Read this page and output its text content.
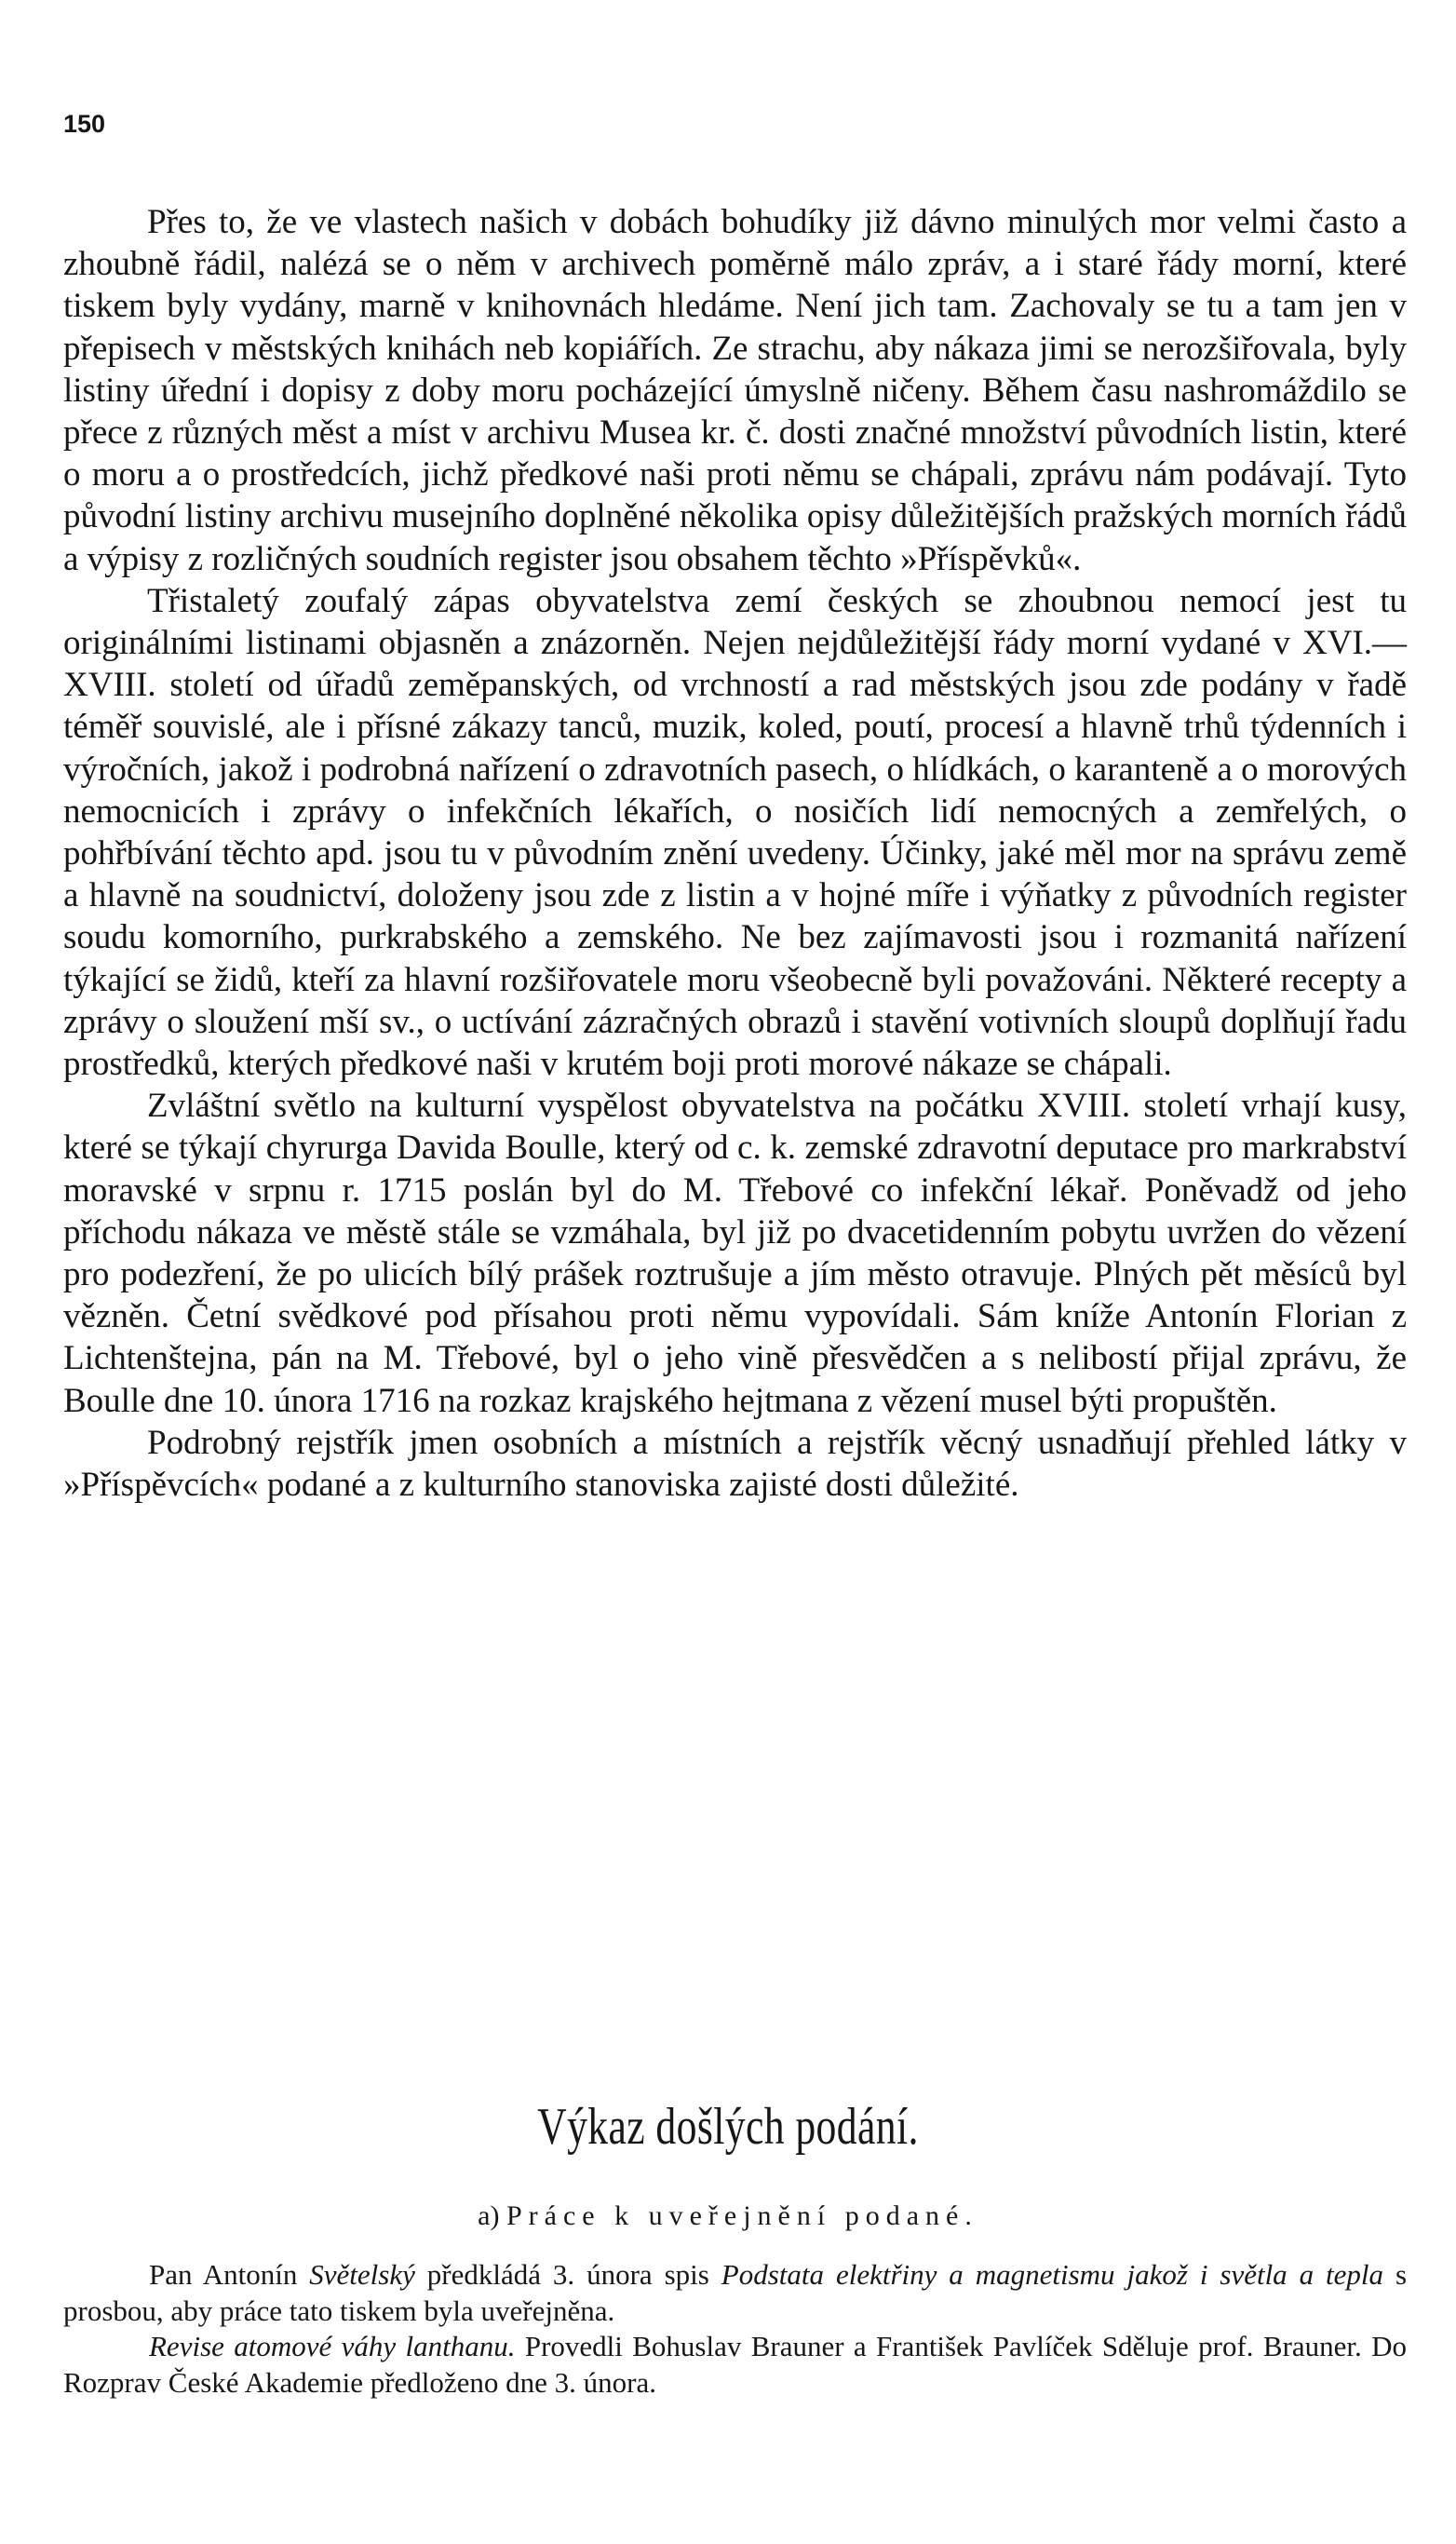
150

Přes to, že ve vlastech našich v dobách bohudíky již dávno minulých mor velmi často a zhoubně řádil, nalézá se o něm v archivech poměrně málo zpráv, a i staré řády morní, které tiskem byly vydány, marně v knihovnách hledáme. Není jich tam. Zachovaly se tu a tam jen v přepisech v městských knihách neb kopiářích. Ze strachu, aby nákaza jimi se nerozšiřovala, byly listiny úřední i dopisy z doby moru pocházející úmyslně ničeny. Během času nashromáždilo se přece z různých měst a míst v archivu Musea kr. č. dosti značné množství původních listin, které o moru a o prostředcích, jichž předkové naši proti němu se chápali, zprávu nám podávají. Tyto původní listiny archivu musejního doplněné několika opisy důležitějších pražských morních řádů a výpisy z rozličných soudních register jsou obsahem těchto »Příspěvků«.

Třistaletý zoufalý zápas obyvatelstva zemí českých se zhoubnou nemocí jest tu originálními listinami objasněn a znázorněn. Nejen nejdůležitější řády morní vydané v XVI.—XVIII. století od úřadů zeměpanských, od vrchností a rad městských jsou zde podány v řadě téměř souvislé, ale i přísné zákazy tanců, muzik, koled, poutí, procesí a hlavně trhů týdenních i výročních, jakož i podrobná nařízení o zdravotních pasech, o hlídkách, o karanteně a o morových nemocnicích i zprávy o infekčních lékařích, o nosičích lidí nemocných a zemřelých, o pohřbívání těchto apd. jsou tu v původním znění uvedeny. Účinky, jaké měl mor na správu země a hlavně na soudnictví, doloženy jsou zde z listin a v hojné míře i výňatky z původních register soudu komorního, purkrabského a zemského. Ne bez zajímavosti jsou i rozmanitá nařízení týkající se židů, kteří za hlavní rozšiřovatele moru všeobecně byli považováni. Některé recepty a zprávy o sloužení mší sv., o uctívání zázračných obrazů i stavění votivních sloupů doplňují řadu prostředků, kterých předkové naši v krutém boji proti morové nákaze se chápali.

Zvláštní světlo na kulturní vyspělost obyvatelstva na počátku XVIII. století vrhají kusy, které se týkají chyrurga Davida Boulle, který od c. k. zemské zdravotní deputace pro markrabství moravské v srpnu r. 1715 poslán byl do M. Třebové co infekční lékař. Poněvadž od jeho příchodu nákaza ve městě stále se vzmáhala, byl již po dvacetidenním pobytu uvržen do vězení pro podezření, že po ulicích bílý prášek roztrušuje a jím město otravuje. Plných pět měsíců byl vězněn. Četní svědkové pod přísahou proti němu vypovídali. Sám kníže Antonín Florian z Lichtenštejna, pán na M. Třebové, byl o jeho vině přesvědčen a s nelibostí přijal zprávu, že Boulle dne 10. února 1716 na rozkaz krajského hejtmana z vězení musel býti propuštěn.

Podrobný rejstřík jmen osobních a místních a rejstřík věcný usnadňují přehled látky v »Příspěvcích« podané a z kulturního stanoviska zajisté dosti důležité.

Výkaz došlých podání.
a) Práce k uveřejnění podané.

Pan Antonín Světelský předkládá 3. února spis Podstata elektřiny a magnetismu jakož i světla a tepla s prosbou, aby práce tato tiskem byla uveřejněna.

Revise atomové váhy lanthanu. Provedli Bohuslav Brauner a František Pavlíček Sděluje prof. Brauner. Do Rozprav České Akademie předloženo dne 3. února.
